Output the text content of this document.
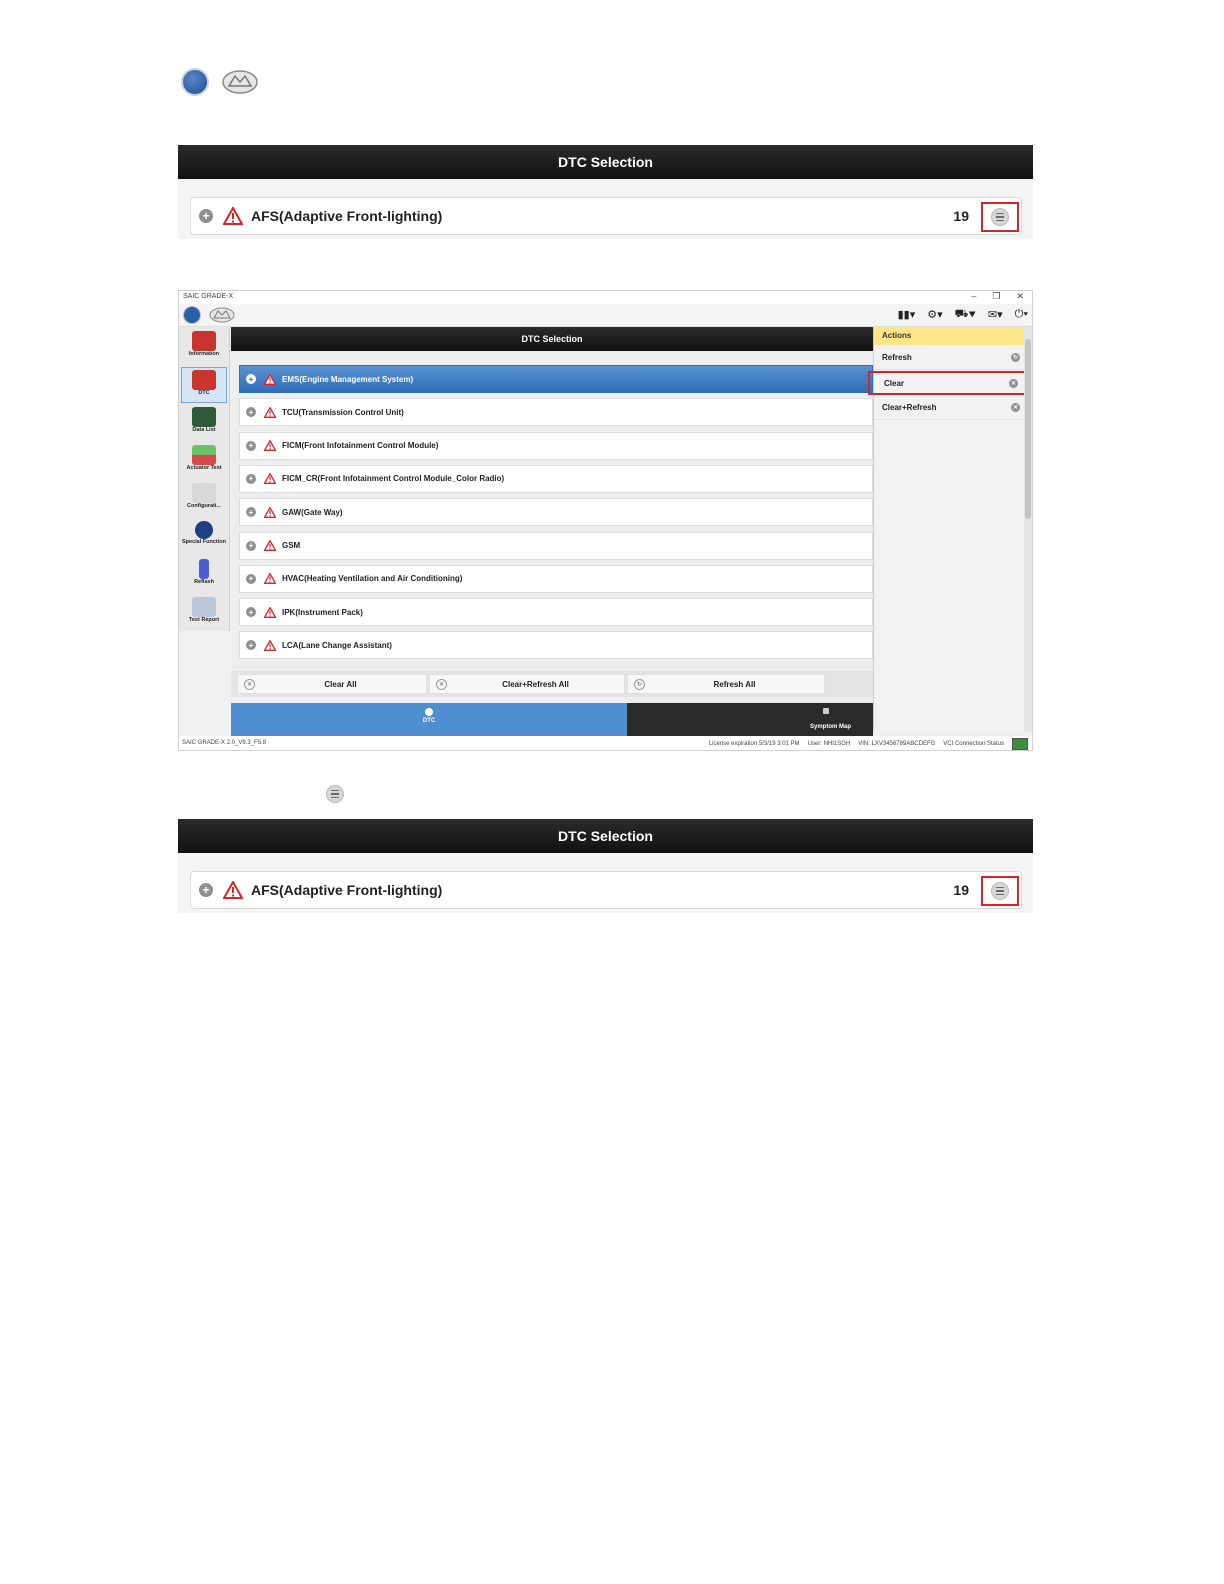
DTC Selection
+	AFS(Adaptive Front-lighting)	19
SAIC GRADE-X	– ❐ ✕
▮▮▾ ⚙▾ ⛟▾ ✉▾ ⏻▾
Information
DTC
Data List
Actuator Test
Configurati...
Special Function
Reflash
Test Report
DTC Selection
+	EMS(Engine Management System)
+	TCU(Transmission Control Unit)
+	FICM(Front Infotainment Control Module)
+	FICM_CR(Front Infotainment Control Module_Color Radio)
+	GAW(Gate Way)
+	GSM
+	HVAC(Heating Ventilation and Air Conditioning)
+	IPK(Instrument Pack)
+	LCA(Lane Change Assistant)
✕	Clear All	✕	Clear+Refresh All	↻	Refresh All
DTC
Symptom Map
Actions
Refresh	↻
Clear	✕
Clear+Refresh	✕
SAIC GRADE-X 2.0_V9.3_F5.8	License expiration 5/3/19 3:01 PM User: NHI1SGH VIN: LXV3456789ABCDEFG VCI Connection Status
DTC Selection
+	AFS(Adaptive Front-lighting)	19
